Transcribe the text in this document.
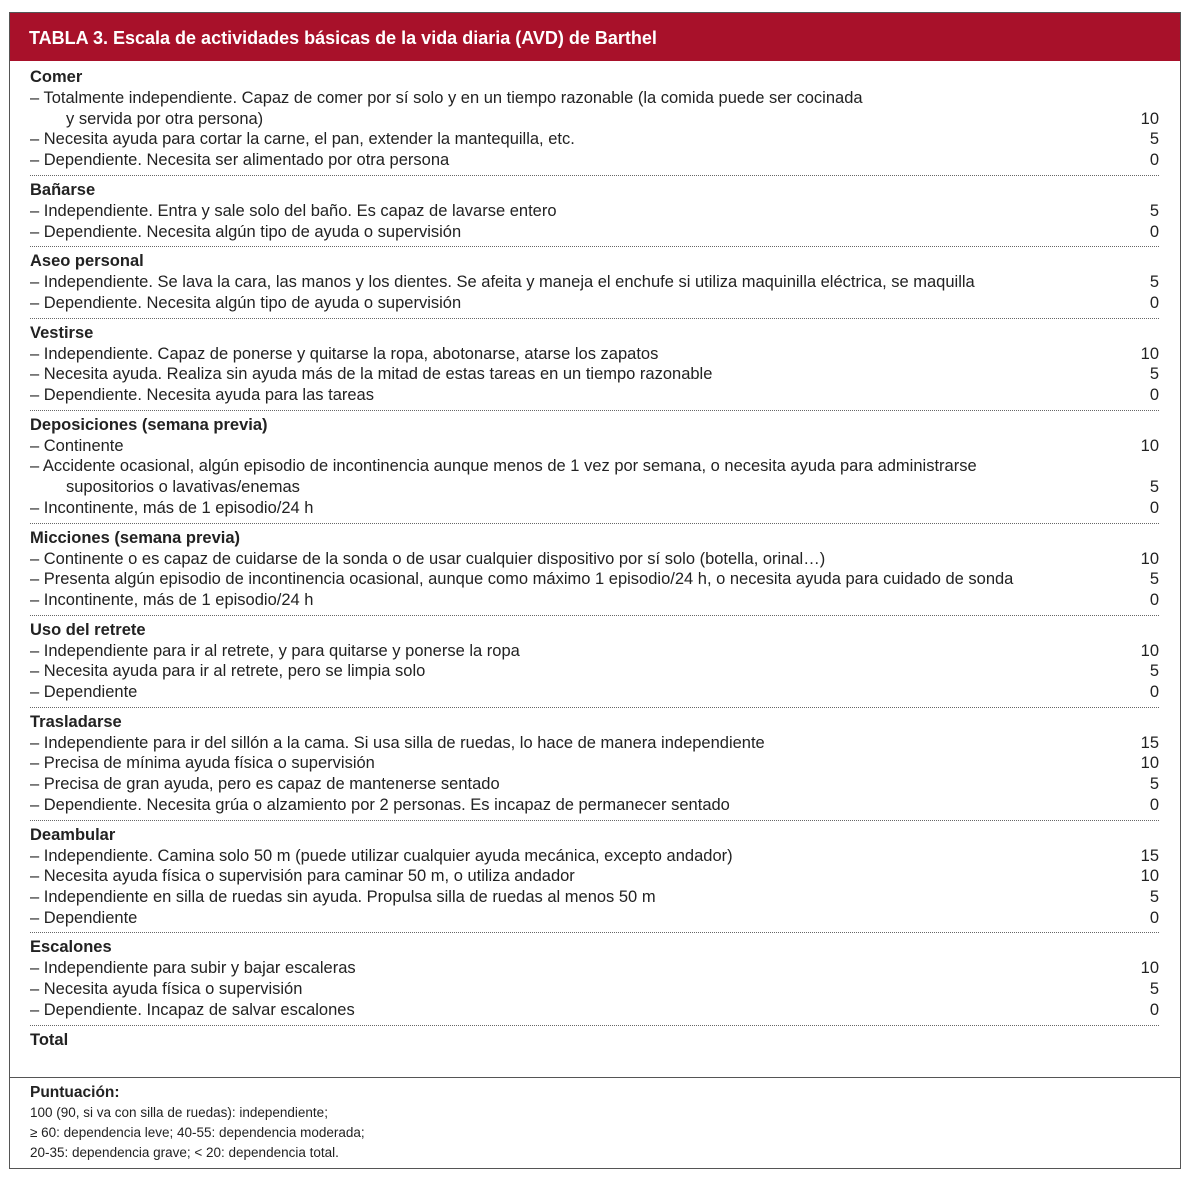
TABLA 3. Escala de actividades básicas de la vida diaria (AVD) de Barthel
Comer
– Totalmente independiente. Capaz de comer por sí solo y en un tiempo razonable (la comida puede ser cocinada
y servida por otra persona)	10
– Necesita ayuda para cortar la carne, el pan, extender la mantequilla, etc.	5
– Dependiente. Necesita ser alimentado por otra persona	0
Bañarse
– Independiente. Entra y sale solo del baño. Es capaz de lavarse entero	5
– Dependiente. Necesita algún tipo de ayuda o supervisión	0
Aseo personal
– Independiente. Se lava la cara, las manos y los dientes. Se afeita y maneja el enchufe si utiliza maquinilla eléctrica, se maquilla	5
– Dependiente. Necesita algún tipo de ayuda o supervisión	0
Vestirse
– Independiente. Capaz de ponerse y quitarse la ropa, abotonarse, atarse los zapatos	10
– Necesita ayuda. Realiza sin ayuda más de la mitad de estas tareas en un tiempo razonable	5
– Dependiente. Necesita ayuda para las tareas	0
Deposiciones (semana previa)
– Continente	10
– Accidente ocasional, algún episodio de incontinencia aunque menos de 1 vez por semana, o necesita ayuda para administrarse
supositorios o lavativas/enemas	5
– Incontinente, más de 1 episodio/24 h	0
Micciones (semana previa)
– Continente o es capaz de cuidarse de la sonda o de usar cualquier dispositivo por sí solo (botella, orinal…)	10
– Presenta algún episodio de incontinencia ocasional, aunque como máximo 1 episodio/24 h, o necesita ayuda para cuidado de sonda	5
– Incontinente, más de 1 episodio/24 h	0
Uso del retrete
– Independiente para ir al retrete, y para quitarse y ponerse la ropa	10
– Necesita ayuda para ir al retrete, pero se limpia solo	5
– Dependiente	0
Trasladarse
– Independiente para ir del sillón a la cama. Si usa silla de ruedas, lo hace de manera independiente	15
– Precisa de mínima ayuda física o supervisión	10
– Precisa de gran ayuda, pero es capaz de mantenerse sentado	5
– Dependiente. Necesita grúa o alzamiento por 2 personas. Es incapaz de permanecer sentado	0
Deambular
– Independiente. Camina solo 50 m (puede utilizar cualquier ayuda mecánica, excepto andador)	15
– Necesita ayuda física o supervisión para caminar 50 m, o utiliza andador	10
– Independiente en silla de ruedas sin ayuda. Propulsa silla de ruedas al menos 50 m	5
– Dependiente	0
Escalones
– Independiente para subir y bajar escaleras	10
– Necesita ayuda física o supervisión	5
– Dependiente. Incapaz de salvar escalones	0
Total
Puntuación:
100 (90, si va con silla de ruedas): independiente;
≥ 60: dependencia leve; 40-55: dependencia moderada;
20-35: dependencia grave; < 20: dependencia total.
